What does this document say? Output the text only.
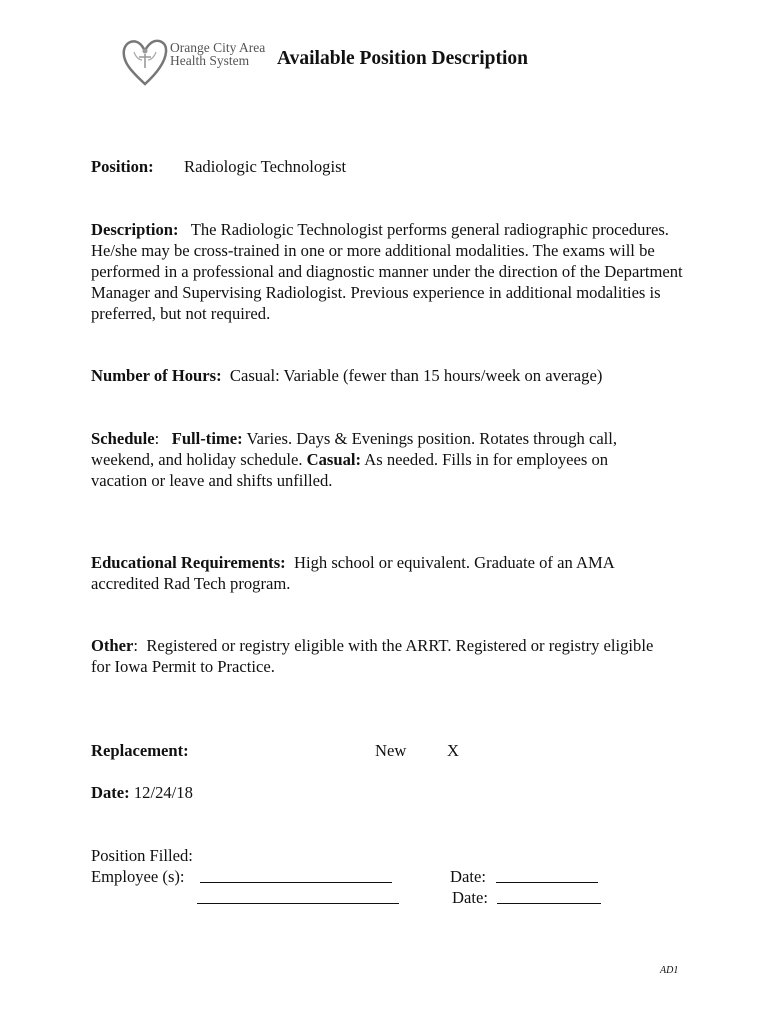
Orange City Area
Health System	Available Position Description
Position: Radiologic Technologist
Description: The Radiologic Technologist performs general radiographic procedures. He/she may be cross-trained in one or more additional modalities. The exams will be performed in a professional and diagnostic manner under the direction of the Department Manager and Supervising Radiologist. Previous experience in additional modalities is preferred, but not required.
Number of Hours: Casual: Variable (fewer than 15 hours/week on average)
Schedule:   Full-time: Varies. Days & Evenings position. Rotates through call, weekend, and holiday schedule. Casual: As needed. Fills in for employees on vacation or leave and shifts unfilled.
Educational Requirements: High school or equivalent. Graduate of an AMA accredited Rad Tech program.
Other:  Registered or registry eligible with the ARRT. Registered or registry eligible for Iowa Permit to Practice.
Replacement:	New X
Date: 12/24/18
Position Filled:
Employee (s):	Date:
Date:
AD1
